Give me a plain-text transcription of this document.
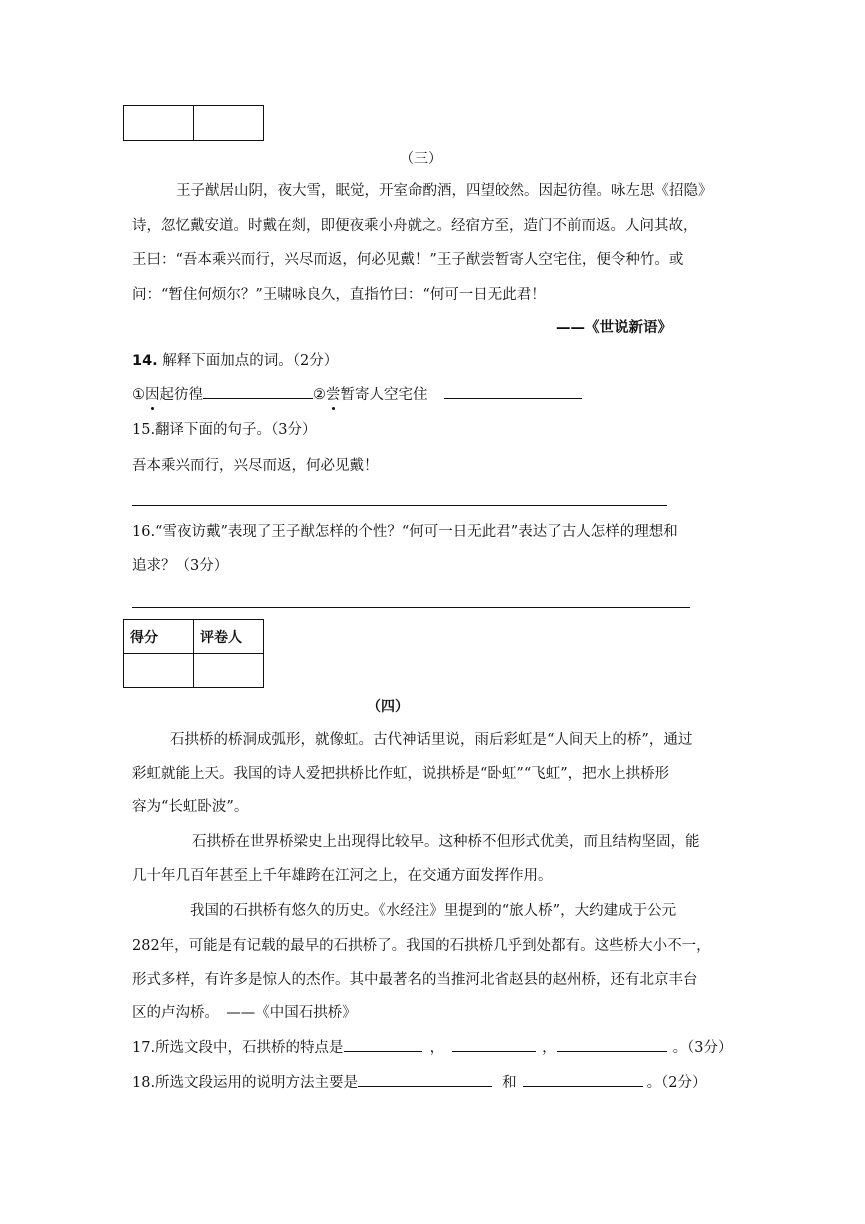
（三）
王子猷居山阴，夜大雪，眠觉，开室命酌酒，四望皎然。因起彷徨。咏左思《招隐》
诗，忽忆戴安道。时戴在剡，即便夜乘小舟就之。经宿方至，造门不前而返。人问其故，
王曰：“吾本乘兴而行，兴尽而返，何必见戴！”王子猷尝暂寄人空宅住，便令种竹。或
问：“暂住何烦尔？”王啸咏良久，直指竹曰：“何可一日无此君！
——《世说新语》
14. 解释下面加点的词。（2分）
①因起彷徨	②尝暂寄人空宅住
15.翻译下面的句子。（3分）
吾本乘兴而行，兴尽而返，何必见戴！
16.“雪夜访戴”表现了王子猷怎样的个性？“何可一日无此君”表达了古人怎样的理想和
追求？（3分）
得分	评卷人

（四）
石拱桥的桥洞成弧形，就像虹。古代神话里说，雨后彩虹是“人间天上的桥”，通过
彩虹就能上天。我国的诗人爱把拱桥比作虹，说拱桥是“卧虹”“飞虹”，把水上拱桥形
容为“长虹卧波”。
石拱桥在世界桥梁史上出现得比较早。这种桥不但形式优美，而且结构坚固，能
几十年几百年甚至上千年雄跨在江河之上，在交通方面发挥作用。
我国的石拱桥有悠久的历史。《水经注》里提到的“旅人桥”，大约建成于公元
282年，可能是有记载的最早的石拱桥了。我国的石拱桥几乎到处都有。这些桥大小不一，
形式多样，有许多是惊人的杰作。其中最著名的当推河北省赵县的赵州桥，还有北京丰台
区的卢沟桥。　——《中国石拱桥》
17.所选文段中，石拱桥的特点是	，	，	。（3分）
18.所选文段运用的说明方法主要是	和	。（2分）
